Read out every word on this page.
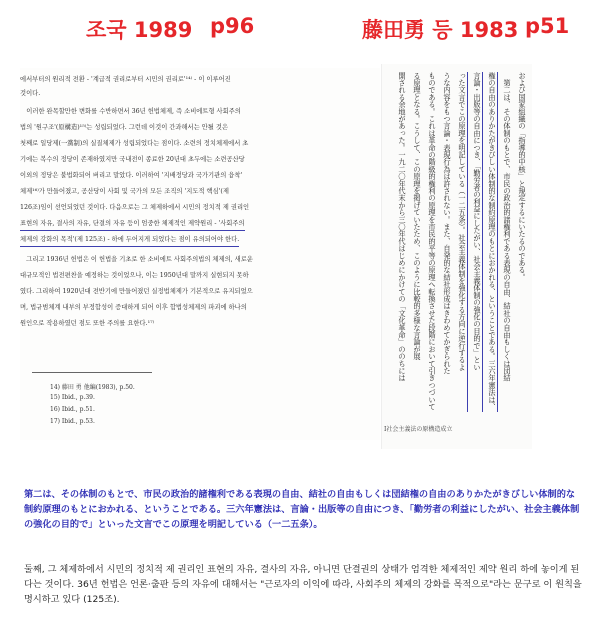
조국 1989 p96	藤田勇 등 1983 p51
에서부터의 원리적 전환 - '계급적 권리로부터 시민의 권리로'¹⁴⁾ - 이 이루어진
것이다.
　이러한 완목할만한 변화를 수반하면서 36년 헌법체제, 즉 소비에트형 사회주의
법의 '원구조'(原構造)¹⁵⁾는 성립되었다. 그런데 이것이 간과해서는 안될 것은
첫째로 일당제(一黨制)의 실질체제가 성립되었다는 점이다. 소련의 정치체제에서 초
기에는 복수의 정당이 존재하였지만 국내전이 종료한 20년대 초두에는 소련공산당
이외의 정당은 불법화되어 버리고 말았다. 이러하여 '지배정당과 국가기관의 융착'
체제¹⁶⁾가 만들어졌고, 공산당이 사회 및 국가의 모든 조직의 '지도적 핵심'(제
126조)임이 선언되었던 것이다. 다음으로는 그 체제하에서 시민의 정치적 제 권리인
표현의 자유, 결사의 자유, 단결의 자유 등이 엄중한 체제적인 제약원리 - '사회주의
체제의 강화의 목적'(제 125조) - 하에 두어지게 되었다는 점이 유의되어야 한다.
　그리고 1936년 헌법은 이 헌법을 기초로 한 소비에트 사회주의법의 체제의, 새로운
대규모적인 법전편찬을 예정하는 것이었으나, 이는 1950년대 말까지 실현되지 못하
였다. 그리하여 1920년대 전반기에 만들어졌던 실정법체제가 기본적으로 유지되었으
며, 법규범체계 내부의 부정합성이 증대하게 되어 이후 합법성체제의 파괴에 하나의
원인으로 작용하였던 점도 또한 주의를 요한다.¹⁷⁾
14) 藤田 勇 他編(1983), p.50.
15) Ibid., p.39.
16) Ibid., p.51.
17) Ibid., p.53.
および国家組織の「指導的中核」と規定するにいたるのである。
　第二は、その体制のもとで、市民の政治的諸権利である表現の自由、結社の自由もしくは団結
権の自由のありかたがきびしい体制的な制約原理のもとにおかれる、ということである。三六年憲法は、
言論・出版等の自由につき、「勤労者の利益にしたがい、社会主義体制の強化の目的で」とい
った文言でこの原理を明記している（一二五条）。社会主義体制を強化する方向に逆行するよ
うな内容をもつ言論・表現行為は許されない。また、自発的な結社形成はきわめてかぎられた
ものである。これは革命の階級的権利の原理を市民的平等の原理へ転換させた段階において引きつづいて
る原理となる。こうして、この原理を掲げていたため、このように比較的多様な言論が展
開される余地があった。一九二〇年代末から三〇年代はじめにかけての「文化革命」ののちには
I社会主義法の原構造成立
第二は、その体制のもとで、市民の政治的諸権利である表現の自由、結社の自由もしくは団結権の自由のありかたがきびしい体制的な制約原理のもとにおかれる、ということである。三六年憲法は、言論・出版等の自由につき、「勤労者の利益にしたがい、社会主義体制の強化の目的で」といった文言でこの原理を明記している（一二五条）。
둘째, 그 체제하에서 시민의 정치적 제 권리인 표현의 자유, 결사의 자유, 아니면 단결권의 상태가 엄격한 체제적인 제약 원리 하에 놓이게 된다는 것이다. 36년 헌법은 언론·출판 등의 자유에 대해서는 "근로자의 이익에 따라, 사회주의 체제의 강화를 목적으로"라는 문구로 이 원칙을 명시하고 있다 (125조).
